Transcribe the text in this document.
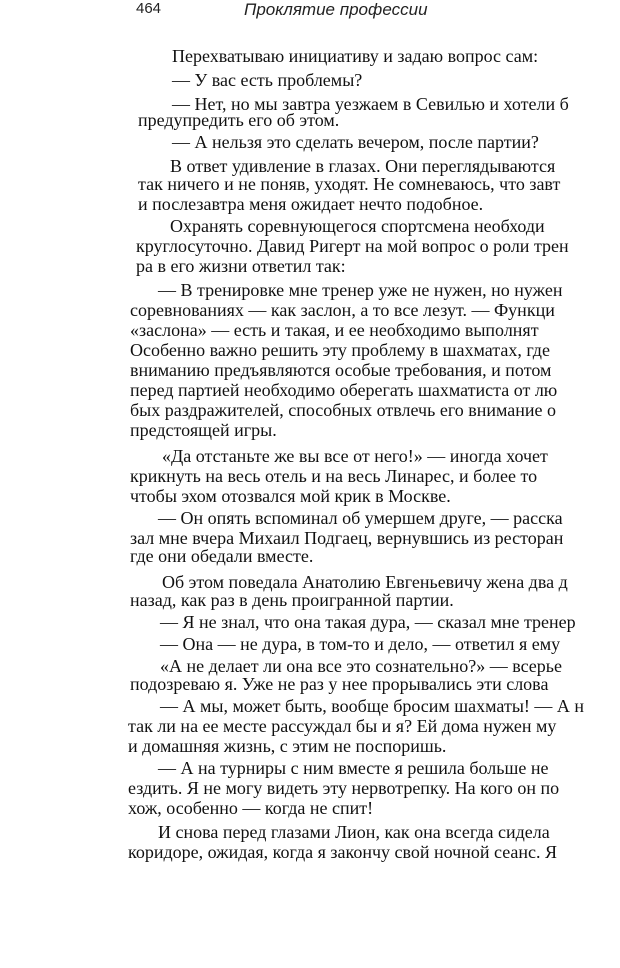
464	Проклятие профессии
Перехватываю инициативу и задаю вопрос сам:
— У вас есть проблемы?
— Нет, но мы завтра уезжаем в Севилью и хотели б
предупредить его об этом.
— А нельзя это сделать вечером, после партии?
В ответ удивление в глазах. Они переглядываются
так ничего и не поняв, уходят. Не сомневаюсь, что завт
и послезавтра меня ожидает нечто подобное.
Охранять соревнующегося спортсмена необходи
круглосуточно. Давид Ригерт на мой вопрос о роли трен
ра в его жизни ответил так:
— В тренировке мне тренер уже не нужен, но нужен
соревнованиях — как заслон, а то все лезут. — Функци
«заслона» — есть и такая, и ее необходимо выполнят
Особенно важно решить эту проблему в шахматах, где
вниманию предъявляются особые требования, и потом
перед партией необходимо оберегать шахматиста от лю
бых раздражителей, способных отвлечь его внимание о
предстоящей игры.
«Да отстаньте же вы все от него!» — иногда хочет
крикнуть на весь отель и на весь Линарес, и более то
чтобы эхом отозвался мой крик в Москве.
— Он опять вспоминал об умершем друге, — расска
зал мне вчера Михаил Подгаец, вернувшись из ресторан
где они обедали вместе.
Об этом поведала Анатолию Евгеньевичу жена два д
назад, как раз в день проигранной партии.
— Я не знал, что она такая дура, — сказал мне тренер
— Она — не дура, в том-то и дело, — ответил я ему
«А не делает ли она все это сознательно?» — всерье
подозреваю я. Уже не раз у нее прорывались эти слова
— А мы, может быть, вообще бросим шахматы! — А н
так ли на ее месте рассуждал бы и я? Ей дома нужен му
и домашняя жизнь, с этим не поспоришь.
— А на турниры с ним вместе я решила больше не
ездить. Я не могу видеть эту нервотрепку. На кого он по
хож, особенно — когда не спит!
И снова перед глазами Лион, как она всегда сидела
коридоре, ожидая, когда я закончу свой ночной сеанс. Я
